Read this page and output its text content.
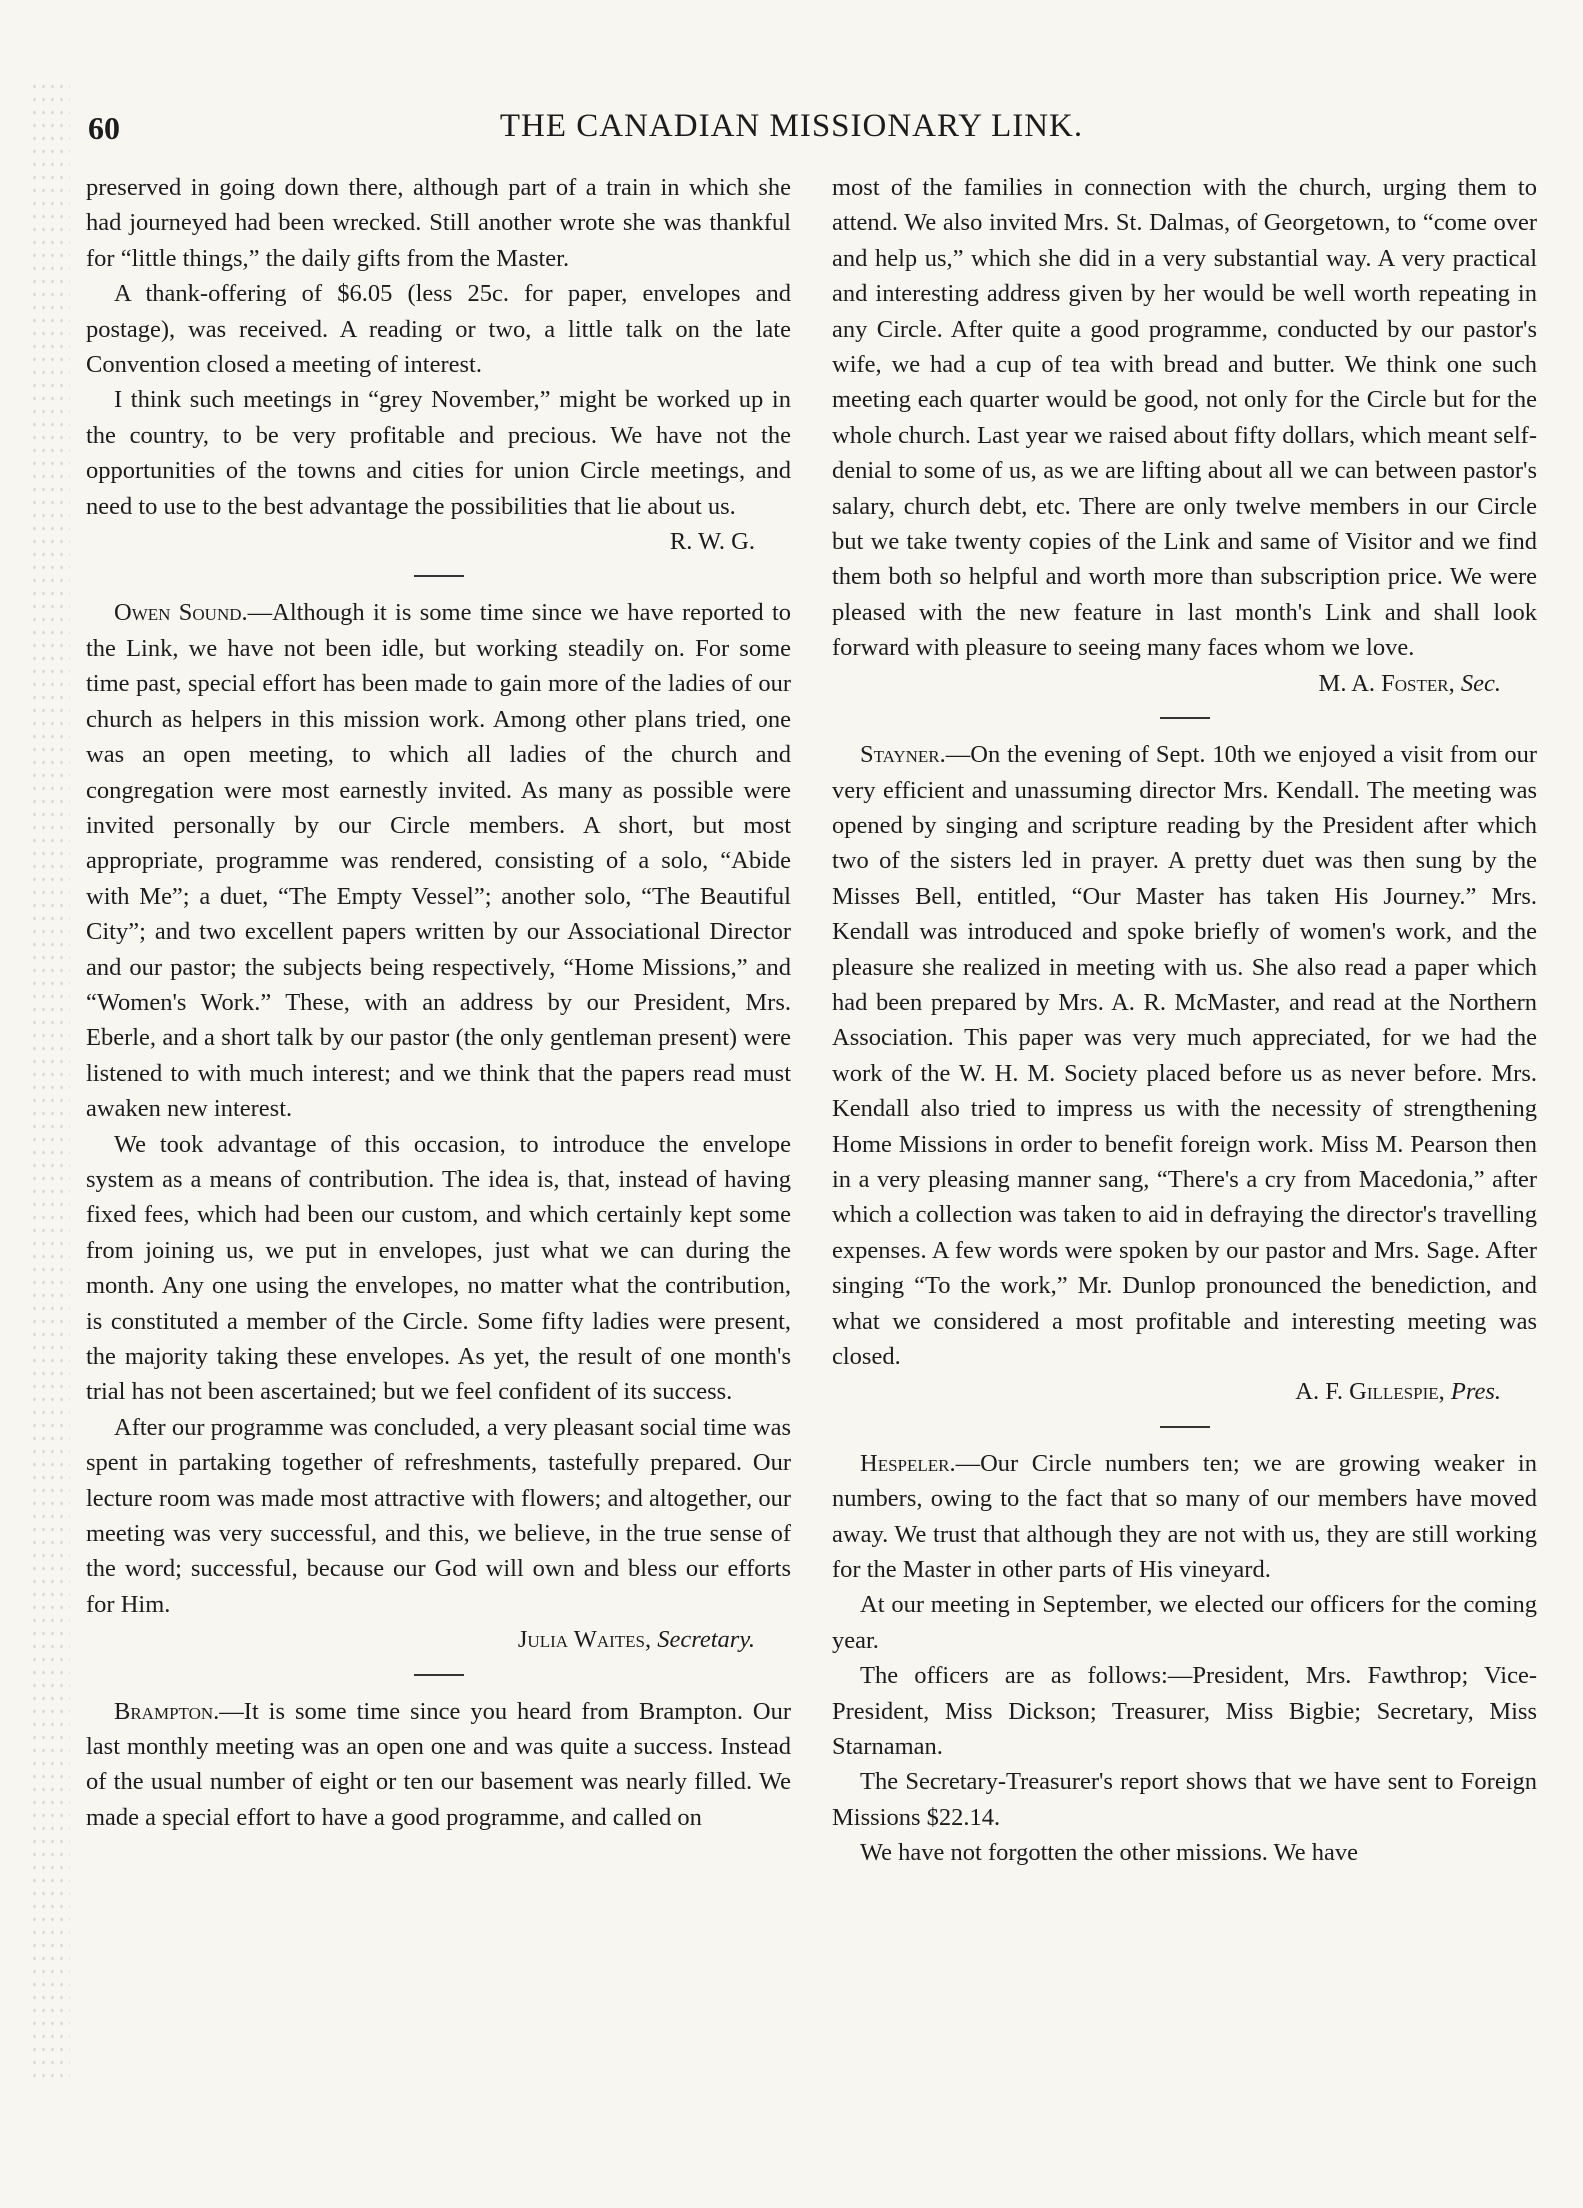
60	THE CANADIAN MISSIONARY LINK.

preserved in going down there, although part of a train in which she had journeyed had been wrecked. Still another wrote she was thankful for “little things,” the daily gifts from the Master.

A thank-offering of $6.05 (less 25c. for paper, envelopes and postage), was received. A reading or two, a little talk on the late Convention closed a meeting of interest.

I think such meetings in “grey November,” might be worked up in the country, to be very profitable and precious. We have not the opportunities of the towns and cities for union Circle meetings, and need to use to the best advantage the possibilities that lie about us.

R. W. G.

Owen Sound.—Although it is some time since we have reported to the Link, we have not been idle, but working steadily on. For some time past, special effort has been made to gain more of the ladies of our church as helpers in this mission work. Among other plans tried, one was an open meeting, to which all ladies of the church and congregation were most earnestly invited. As many as possible were invited personally by our Circle members. A short, but most appropriate, programme was rendered, consisting of a solo, “Abide with Me”; a duet, “The Empty Vessel”; another solo, “The Beautiful City”; and two excellent papers written by our Associational Director and our pastor; the subjects being respectively, “Home Missions,” and “Women's Work.” These, with an address by our President, Mrs. Eberle, and a short talk by our pastor (the only gentleman present) were listened to with much interest; and we think that the papers read must awaken new interest.

We took advantage of this occasion, to introduce the envelope system as a means of contribution. The idea is, that, instead of having fixed fees, which had been our custom, and which certainly kept some from joining us, we put in envelopes, just what we can during the month. Any one using the envelopes, no matter what the contribution, is constituted a member of the Circle. Some fifty ladies were present, the majority taking these envelopes. As yet, the result of one month's trial has not been ascertained; but we feel confident of its success.

After our programme was concluded, a very pleasant social time was spent in partaking together of refreshments, tastefully prepared. Our lecture room was made most attractive with flowers; and altogether, our meeting was very successful, and this, we believe, in the true sense of the word; successful, because our God will own and bless our efforts for Him.

Julia Waites, Secretary.

Brampton.—It is some time since you heard from Brampton. Our last monthly meeting was an open one and was quite a success. Instead of the usual number of eight or ten our basement was nearly filled. We made a special effort to have a good programme, and called on

most of the families in connection with the church, urging them to attend. We also invited Mrs. St. Dalmas, of Georgetown, to “come over and help us,” which she did in a very substantial way. A very practical and interesting address given by her would be well worth repeating in any Circle. After quite a good programme, conducted by our pastor's wife, we had a cup of tea with bread and butter. We think one such meeting each quarter would be good, not only for the Circle but for the whole church. Last year we raised about fifty dollars, which meant self-denial to some of us, as we are lifting about all we can between pastor's salary, church debt, etc. There are only twelve members in our Circle but we take twenty copies of the Link and same of Visitor and we find them both so helpful and worth more than subscription price. We were pleased with the new feature in last month's Link and shall look forward with pleasure to seeing many faces whom we love.

M. A. Foster, Sec.

Stayner.—On the evening of Sept. 10th we enjoyed a visit from our very efficient and unassuming director Mrs. Kendall. The meeting was opened by singing and scripture reading by the President after which two of the sisters led in prayer. A pretty duet was then sung by the Misses Bell, entitled, “Our Master has taken His Journey.” Mrs. Kendall was introduced and spoke briefly of women's work, and the pleasure she realized in meeting with us. She also read a paper which had been prepared by Mrs. A. R. McMaster, and read at the Northern Association. This paper was very much appreciated, for we had the work of the W. H. M. Society placed before us as never before. Mrs. Kendall also tried to impress us with the necessity of strengthening Home Missions in order to benefit foreign work. Miss M. Pearson then in a very pleasing manner sang, “There's a cry from Macedonia,” after which a collection was taken to aid in defraying the director's travelling expenses. A few words were spoken by our pastor and Mrs. Sage. After singing “To the work,” Mr. Dunlop pronounced the benediction, and what we considered a most profitable and interesting meeting was closed.

A. F. Gillespie, Pres.

Hespeler.—Our Circle numbers ten; we are growing weaker in numbers, owing to the fact that so many of our members have moved away. We trust that although they are not with us, they are still working for the Master in other parts of His vineyard.

At our meeting in September, we elected our officers for the coming year.

The officers are as follows:—President, Mrs. Fawthrop; Vice-President, Miss Dickson; Treasurer, Miss Bigbie; Secretary, Miss Starnaman.

The Secretary-Treasurer's report shows that we have sent to Foreign Missions $22.14.

We have not forgotten the other missions. We have
